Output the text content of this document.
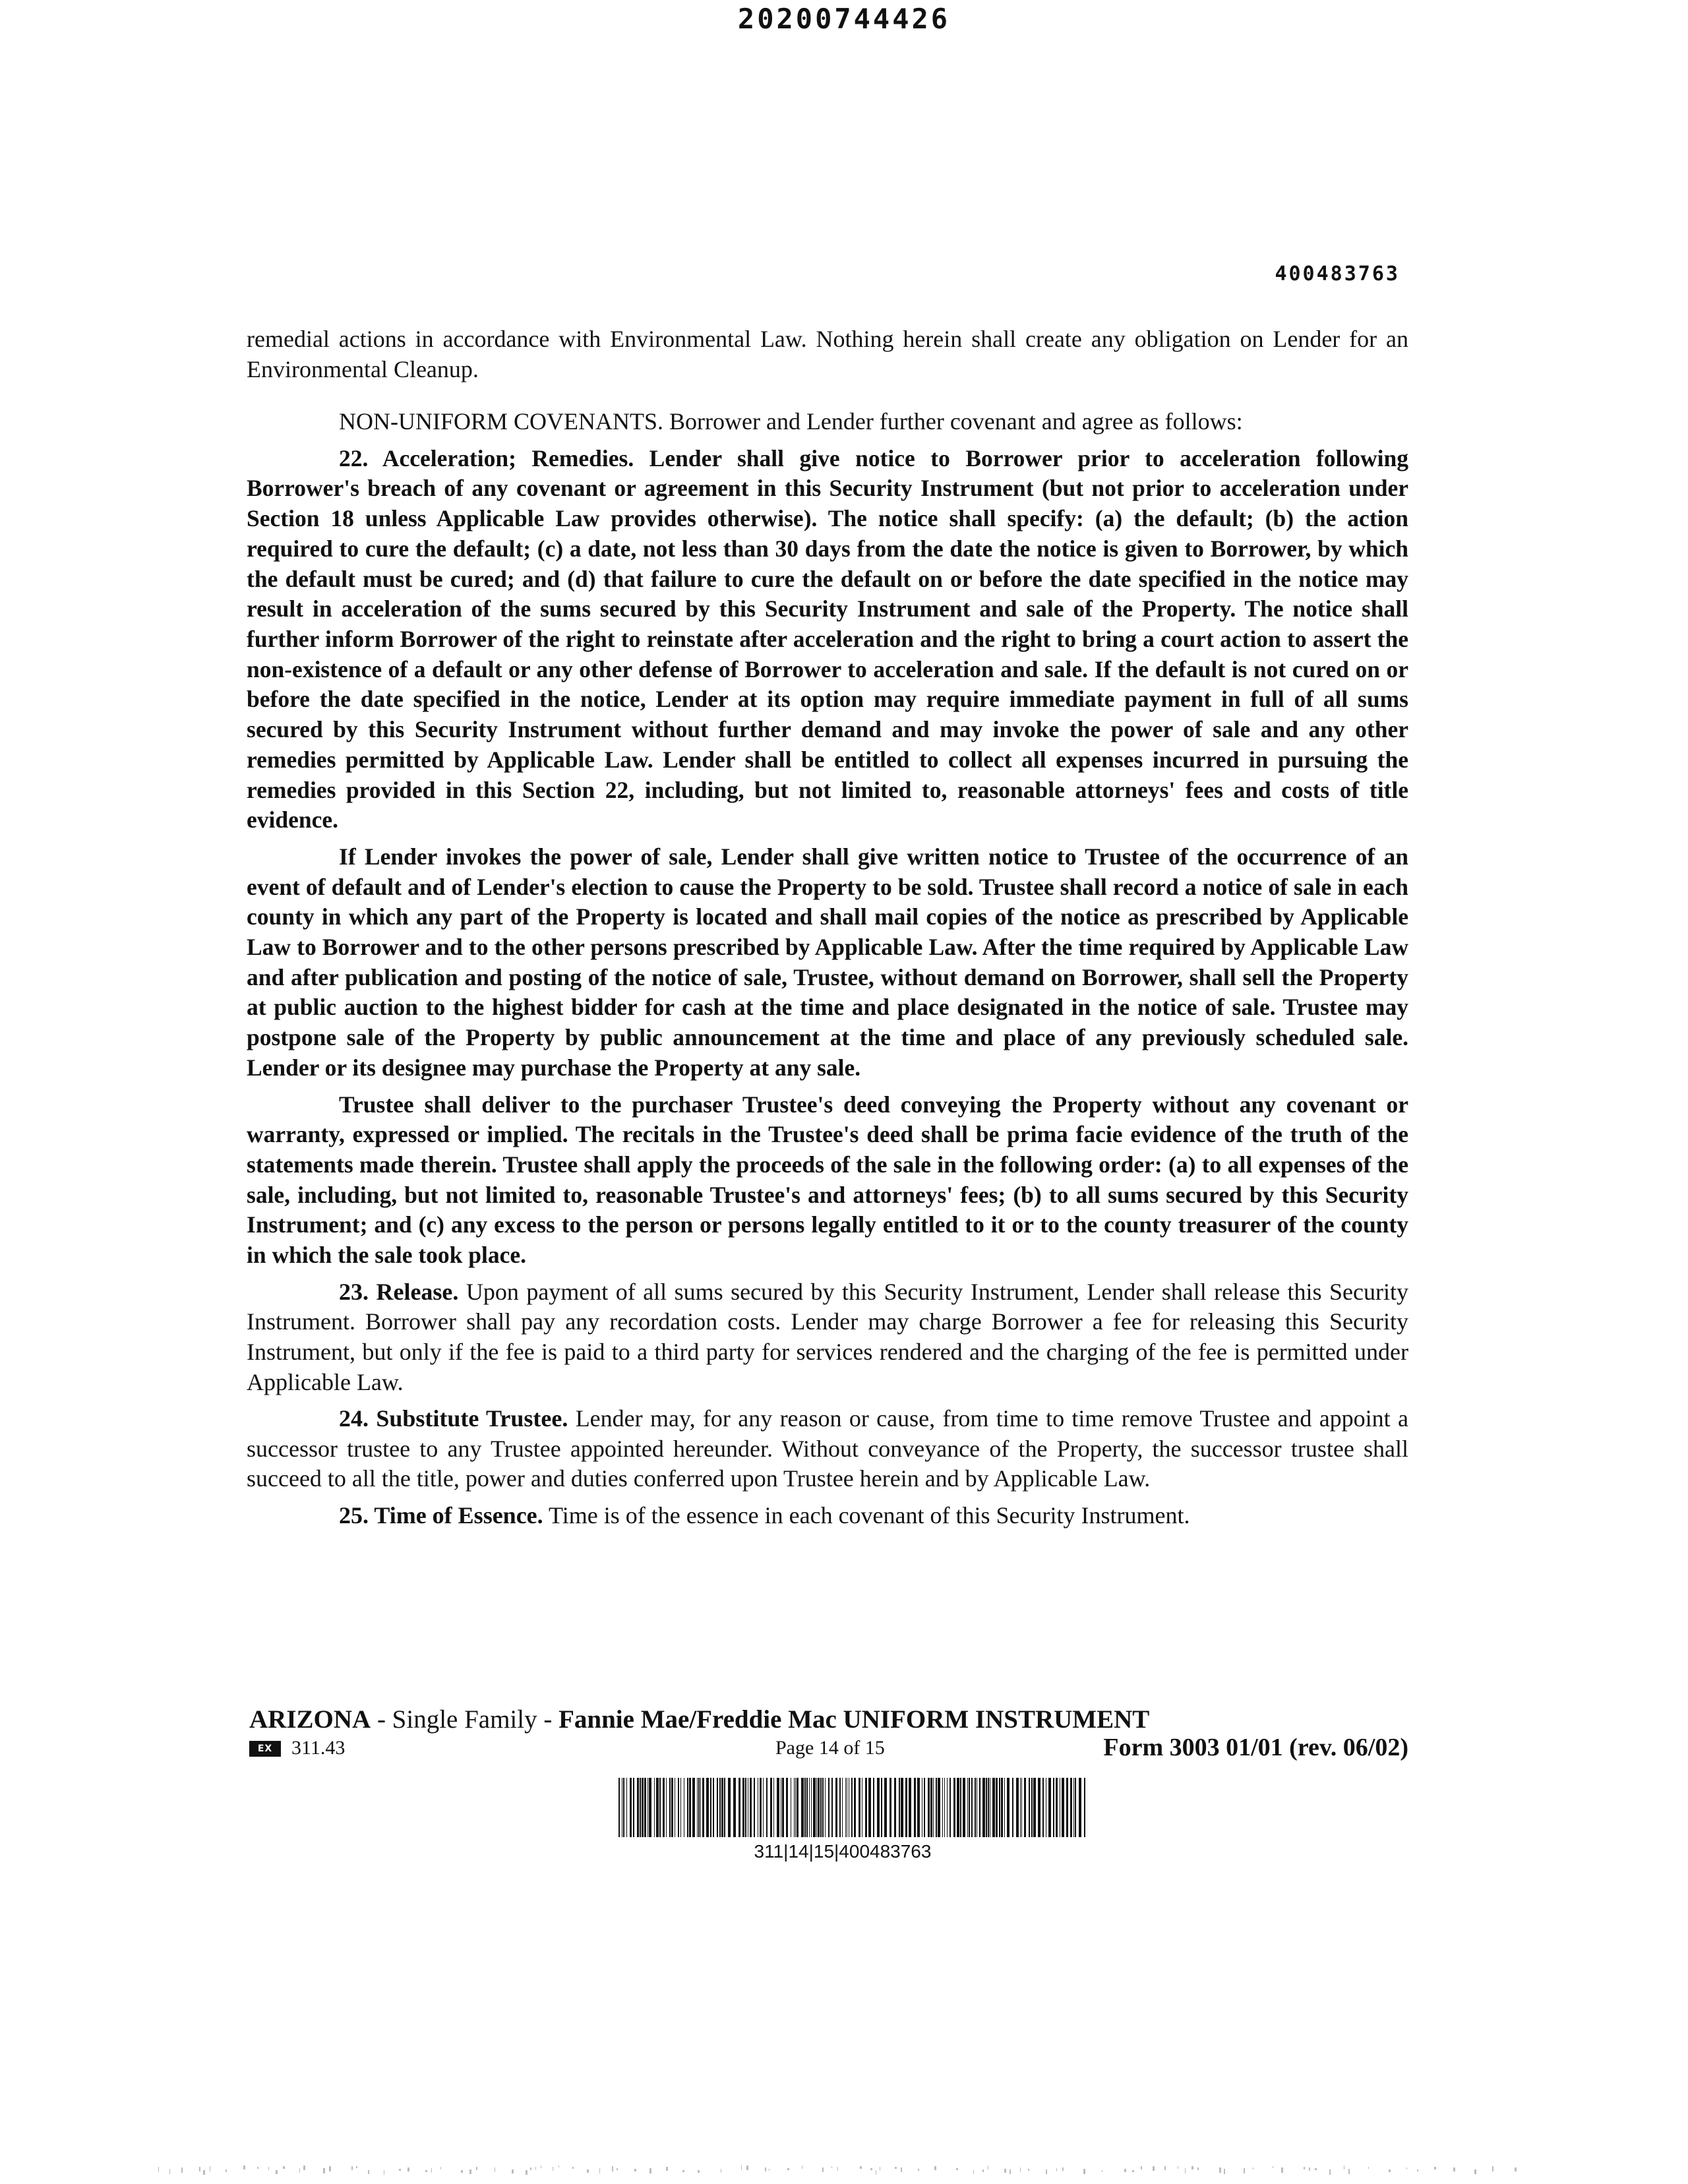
20200744426
400483763

remedial actions in accordance with Environmental Law. Nothing herein shall create any obligation on Lender for an Environmental Cleanup.

NON-UNIFORM COVENANTS. Borrower and Lender further covenant and agree as follows:

22. Acceleration; Remedies. Lender shall give notice to Borrower prior to acceleration following Borrower's breach of any covenant or agreement in this Security Instrument (but not prior to acceleration under Section 18 unless Applicable Law provides otherwise). The notice shall specify: (a) the default; (b) the action required to cure the default; (c) a date, not less than 30 days from the date the notice is given to Borrower, by which the default must be cured; and (d) that failure to cure the default on or before the date specified in the notice may result in acceleration of the sums secured by this Security Instrument and sale of the Property. The notice shall further inform Borrower of the right to reinstate after acceleration and the right to bring a court action to assert the non-existence of a default or any other defense of Borrower to acceleration and sale. If the default is not cured on or before the date specified in the notice, Lender at its option may require immediate payment in full of all sums secured by this Security Instrument without further demand and may invoke the power of sale and any other remedies permitted by Applicable Law. Lender shall be entitled to collect all expenses incurred in pursuing the remedies provided in this Section 22, including, but not limited to, reasonable attorneys' fees and costs of title evidence.

If Lender invokes the power of sale, Lender shall give written notice to Trustee of the occurrence of an event of default and of Lender's election to cause the Property to be sold. Trustee shall record a notice of sale in each county in which any part of the Property is located and shall mail copies of the notice as prescribed by Applicable Law to Borrower and to the other persons prescribed by Applicable Law. After the time required by Applicable Law and after publication and posting of the notice of sale, Trustee, without demand on Borrower, shall sell the Property at public auction to the highest bidder for cash at the time and place designated in the notice of sale. Trustee may postpone sale of the Property by public announcement at the time and place of any previously scheduled sale. Lender or its designee may purchase the Property at any sale.

Trustee shall deliver to the purchaser Trustee's deed conveying the Property without any covenant or warranty, expressed or implied. The recitals in the Trustee's deed shall be prima facie evidence of the truth of the statements made therein. Trustee shall apply the proceeds of the sale in the following order: (a) to all expenses of the sale, including, but not limited to, reasonable Trustee's and attorneys' fees; (b) to all sums secured by this Security Instrument; and (c) any excess to the person or persons legally entitled to it or to the county treasurer of the county in which the sale took place.

23. Release. Upon payment of all sums secured by this Security Instrument, Lender shall release this Security Instrument. Borrower shall pay any recordation costs. Lender may charge Borrower a fee for releasing this Security Instrument, but only if the fee is paid to a third party for services rendered and the charging of the fee is permitted under Applicable Law.

24. Substitute Trustee. Lender may, for any reason or cause, from time to time remove Trustee and appoint a successor trustee to any Trustee appointed hereunder. Without conveyance of the Property, the successor trustee shall succeed to all the title, power and duties conferred upon Trustee herein and by Applicable Law.

25. Time of Essence. Time is of the essence in each covenant of this Security Instrument.

ARIZONA - Single Family - Fannie Mae/Freddie Mac UNIFORM INSTRUMENT
EX 311.43	Page 14 of 15	Form 3003 01/01 (rev. 06/02)
311|14|15|400483763
